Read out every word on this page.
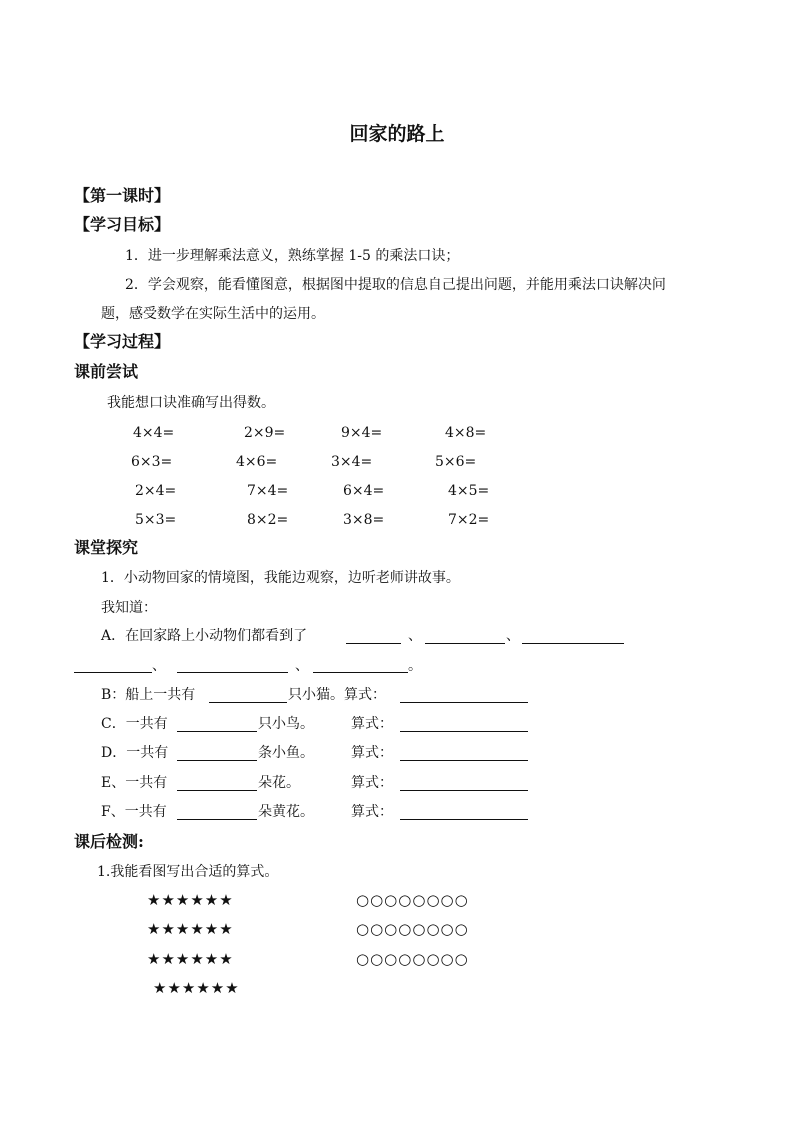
回家的路上
【第一课时】
【学习目标】
1．进一步理解乘法意义，熟练掌握 1-5 的乘法口诀；
2．学会观察，能看懂图意，根据图中提取的信息自己提出问题，并能用乘法口诀解决问
题，感受数学在实际生活中的运用。
【学习过程】
课前尝试
我能想口诀准确写出得数。
4×4=	2×9=	9×4=	4×8=
6×3=	4×6=	3×4=	5×6=
2×4=	7×4=	6×4=	4×5=
5×3=	8×2=	3×8=	7×2=
课堂探究
1．小动物回家的情境图，我能边观察，边听老师讲故事。
我知道：
A．在回家路上小动物们都看到了	、	、
、	、	。
B：船上一共有	只小猫。算式：
C．一共有	只小鸟。	算式：
D．一共有	条小鱼。	算式：
E、一共有	朵花。	算式：
F、一共有	朵黄花。	算式：
课后检测:
1.我能看图写出合适的算式。
★★★★★★
★★★★★★
★★★★★★
★★★★★★
○○○○○○○○
○○○○○○○○
○○○○○○○○
